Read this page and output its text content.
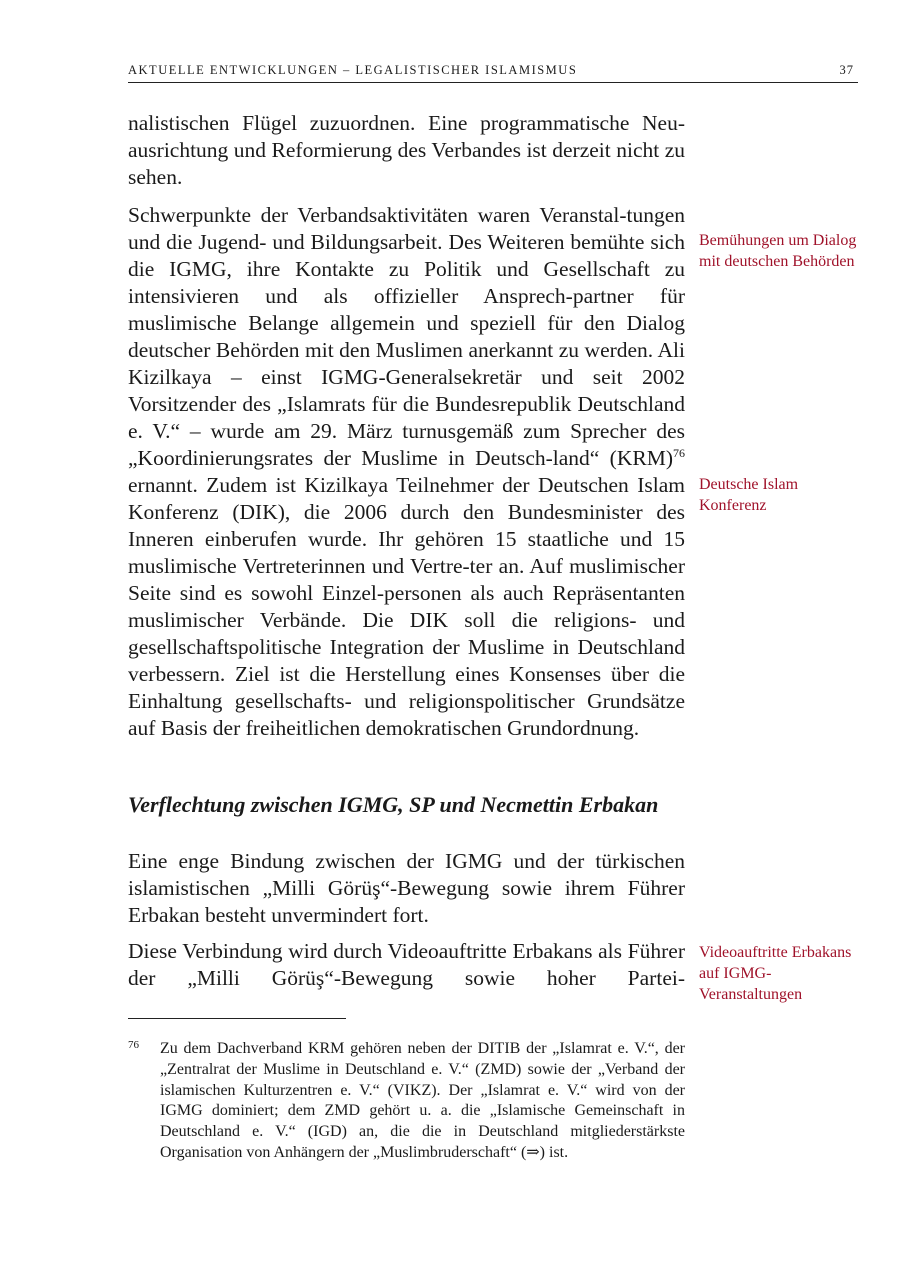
AKTUELLE ENTWICKLUNGEN – LEGALISTISCHER ISLAMISMUS	37

nalistischen Flügel zuzuordnen. Eine programmatische Neu-ausrichtung und Reformierung des Verbandes ist derzeit nicht zu sehen.

Schwerpunkte der Verbandsaktivitäten waren Veranstal-tungen und die Jugend- und Bildungsarbeit. Des Weiteren bemühte sich die IGMG, ihre Kontakte zu Politik und Gesellschaft zu intensivieren und als offizieller Ansprech-partner für muslimische Belange allgemein und speziell für den Dialog deutscher Behörden mit den Muslimen anerkannt zu werden. Ali Kizilkaya – einst IGMG-Generalsekretär und seit 2002 Vorsitzender des „Islamrats für die Bundesrepublik Deutschland e. V.“ – wurde am 29. März turnusgemäß zum Sprecher des „Koordinierungsrates der Muslime in Deutsch-land“ (KRM)$^{76}$ ernannt. Zudem ist Kizilkaya Teilnehmer der Deutschen Islam Konferenz (DIK), die 2006 durch den Bundesminister des Inneren einberufen wurde. Ihr gehören 15 staatliche und 15 muslimische Vertreterinnen und Vertre-ter an. Auf muslimischer Seite sind es sowohl Einzel-personen als auch Repräsentanten muslimischer Verbände. Die DIK soll die religions- und gesellschaftspolitische Integration der Muslime in Deutschland verbessern. Ziel ist die Herstellung eines Konsenses über die Einhaltung gesellschafts- und religionspolitischer Grundsätze auf Basis der freiheitlichen demokratischen Grundordnung.

Verflechtung zwischen IGMG, SP und Necmettin Erbakan

Eine enge Bindung zwischen der IGMG und der türkischen islamistischen „Milli Görüş“-Bewegung sowie ihrem Führer Erbakan besteht unvermindert fort.

Diese Verbindung wird durch Videoauftritte Erbakans als Führer der „Milli Görüş“-Bewegung sowie hoher Partei-

Bemühungen um Dialog mit deutschen Behörden
Deutsche Islam Konferenz
Videoauftritte Erbakans auf IGMG-Veranstaltungen
76 Zu dem Dachverband KRM gehören neben der DITIB der „Islamrat e. V.“, der „Zentralrat der Muslime in Deutschland e. V.“ (ZMD) sowie der „Verband der islamischen Kulturzentren e. V.“ (VIKZ). Der „Islamrat e. V.“ wird von der IGMG dominiert; dem ZMD gehört u. a. die „Islamische Gemeinschaft in Deutschland e. V.“ (IGD) an, die die in Deutschland mitgliederstärkste Organisation von Anhängern der „Muslimbruderschaft“ (⇒) ist.
